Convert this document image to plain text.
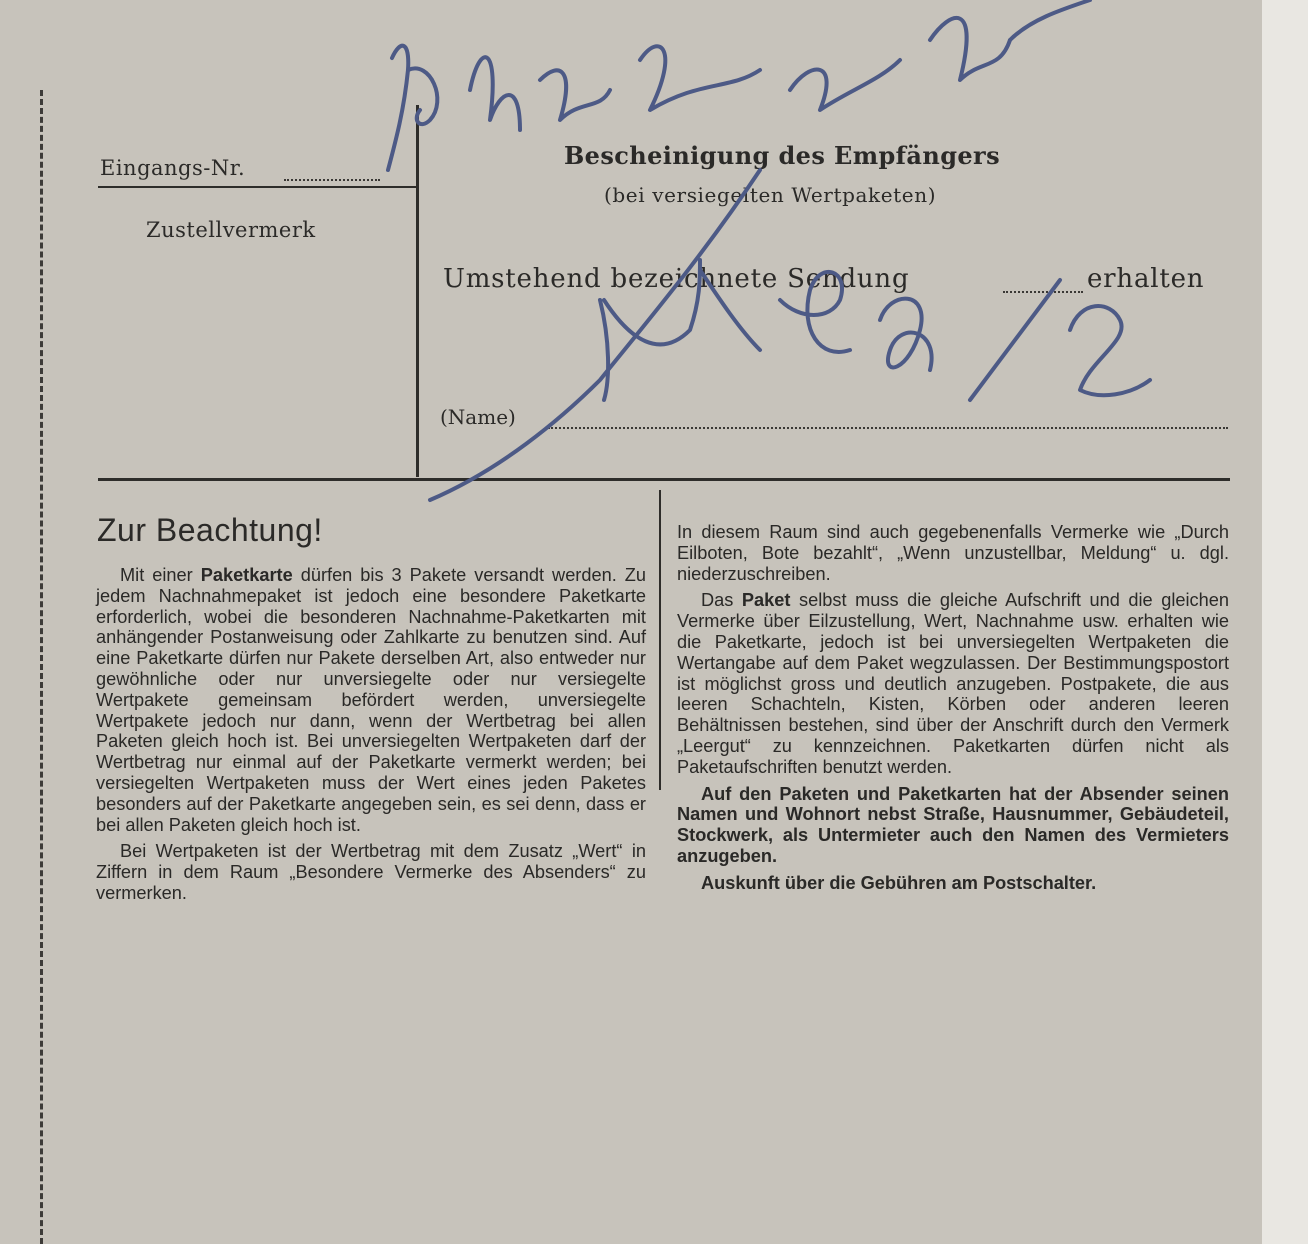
Eingangs-Nr.
Zustellvermerk
Bescheinigung des Empfängers
(bei versiegelten Wertpaketen)
Umstehend bezeichnete Sendung	erhalten
(Name)
Zur Beachtung!

Mit einer Paketkarte dürfen bis 3 Pakete versandt werden. Zu jedem Nachnahmepaket ist jedoch eine besondere Paketkarte erforderlich, wobei die besonderen Nachnahme-Paketkarten mit anhängender Postanweisung oder Zahlkarte zu benutzen sind. Auf eine Paketkarte dürfen nur Pakete derselben Art, also entweder nur gewöhnliche oder nur unversiegelte oder nur versiegelte Wertpakete gemeinsam befördert werden, unversiegelte Wertpakete jedoch nur dann, wenn der Wertbetrag bei allen Paketen gleich hoch ist. Bei unversiegelten Wertpaketen darf der Wertbetrag nur einmal auf der Paketkarte vermerkt werden; bei versiegelten Wertpaketen muss der Wert eines jeden Paketes besonders auf der Paketkarte angegeben sein, es sei denn, dass er bei allen Paketen gleich hoch ist.

Bei Wertpaketen ist der Wertbetrag mit dem Zusatz „Wert“ in Ziffern in dem Raum „Besondere Vermerke des Absenders“ zu vermerken.

In diesem Raum sind auch gegebenenfalls Vermerke wie „Durch Eilboten, Bote bezahlt“, „Wenn unzustellbar, Meldung“ u. dgl. niederzuschreiben.

Das Paket selbst muss die gleiche Aufschrift und die gleichen Vermerke über Eilzustellung, Wert, Nachnahme usw. erhalten wie die Paketkarte, jedoch ist bei unversiegelten Wertpaketen die Wertangabe auf dem Paket wegzulassen. Der Bestimmungspostort ist möglichst gross und deutlich anzugeben. Postpakete, die aus leeren Schachteln, Kisten, Körben oder anderen leeren Behältnissen bestehen, sind über der Anschrift durch den Vermerk „Leergut“ zu kennzeichnen. Paketkarten dürfen nicht als Paketaufschriften benutzt werden.

Auf den Paketen und Paketkarten hat der Absender seinen Namen und Wohnort nebst Straße, Hausnummer, Gebäudeteil, Stockwerk, als Untermieter auch den Namen des Vermieters anzugeben.

Auskunft über die Gebühren am Postschalter.
